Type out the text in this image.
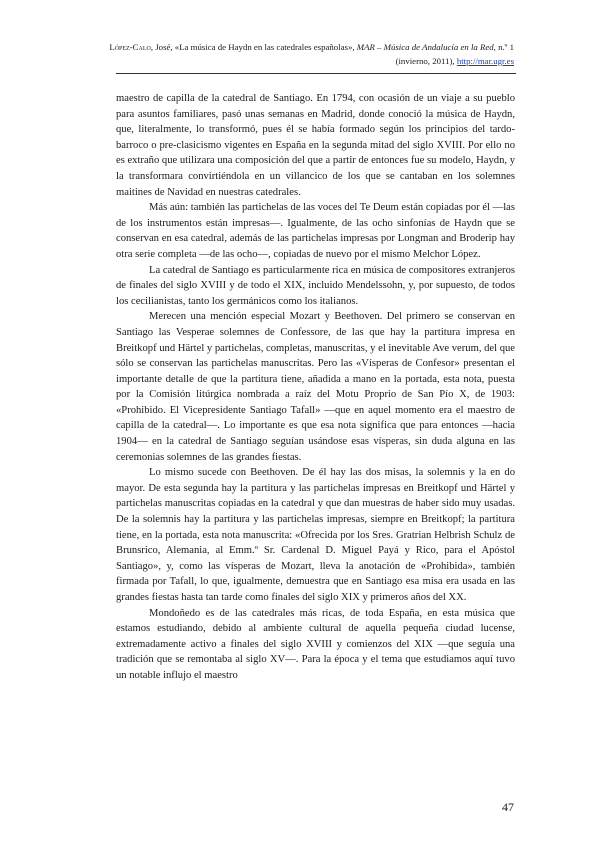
López-Calo, José, «La música de Haydn en las catedrales españolas», MAR – Música de Andalucía en la Red, n.º 1 (invierno, 2011), http://mar.ugr.es

maestro de capilla de la catedral de Santiago. En 1794, con ocasión de un viaje a su pueblo para asuntos familiares, pasó unas semanas en Madrid, donde conoció la música de Haydn, que, literalmente, lo transformó, pues él se había formado según los principios del tardo-barroco o pre-clasicismo vigentes en España en la segunda mitad del siglo XVIII. Por ello no es extraño que utilizara una composición del que a partir de entonces fue su modelo, Haydn, y la transformara convirtiéndola en un villancico de los que se cantaban en los solemnes maitines de Navidad en nuestras catedrales.

Más aún: también las partichelas de las voces del Te Deum están copiadas por él —las de los instrumentos están impresas—. Igualmente, de las ocho sinfonías de Haydn que se conservan en esa catedral, además de las partichelas impresas por Longman and Broderip hay otra serie completa —de las ocho—, copiadas de nuevo por el mismo Melchor López.

La catedral de Santiago es particularmente rica en música de compositores extranjeros de finales del siglo XVIII y de todo el XIX, incluido Mendelssohn, y, por supuesto, de todos los cecilianistas, tanto los germánicos como los italianos.

Merecen una mención especial Mozart y Beethoven. Del primero se conservan en Santiago las Vesperae solemnes de Confessore, de las que hay la partitura impresa en Breitkopf und Härtel y partichelas, completas, manuscritas, y el inevitable Ave verum, del que sólo se conservan las partichelas manuscritas. Pero las «Vísperas de Confesor» presentan el importante detalle de que la partitura tiene, añadida a mano en la portada, esta nota, puesta por la Comisión litúrgica nombrada a raíz del Motu Proprio de San Pío X, de 1903: «Prohibido. El Vicepresidente Santiago Tafall» —que en aquel momento era el maestro de capilla de la catedral—. Lo importante es que esa nota significa que para entonces —hacia 1904— en la catedral de Santiago seguían usándose esas vísperas, sin duda alguna en las ceremonias solemnes de las grandes fiestas.

Lo mismo sucede con Beethoven. De él hay las dos misas, la solemnis y la en do mayor. De esta segunda hay la partitura y las partichelas impresas en Breitkopf und Härtel y partichelas manuscritas copiadas en la catedral y que dan muestras de haber sido muy usadas. De la solemnis hay la partitura y las partichelas impresas, siempre en Breitkopf; la partitura tiene, en la portada, esta nota manuscrita: «Ofrecida por los Sres. Gratrian Helbrish Schulz de Brunsrico, Alemania, al Emm.º Sr. Cardenal D. Miguel Payá y Rico, para el Apóstol Santiago», y, como las vísperas de Mozart, lleva la anotación de «Prohibida», también firmada por Tafall, lo que, igualmente, demuestra que en Santiago esa misa era usada en las grandes fiestas hasta tan tarde como finales del siglo XIX y primeros años del XX.

Mondoñedo es de las catedrales más ricas, de toda España, en esta música que estamos estudiando, debido al ambiente cultural de aquella pequeña ciudad lucense, extremadamente activo a finales del siglo XVIII y comienzos del XIX —que seguía una tradición que se remontaba al siglo XV—. Para la época y el tema que estudiamos aquí tuvo un notable influjo el maestro

47
